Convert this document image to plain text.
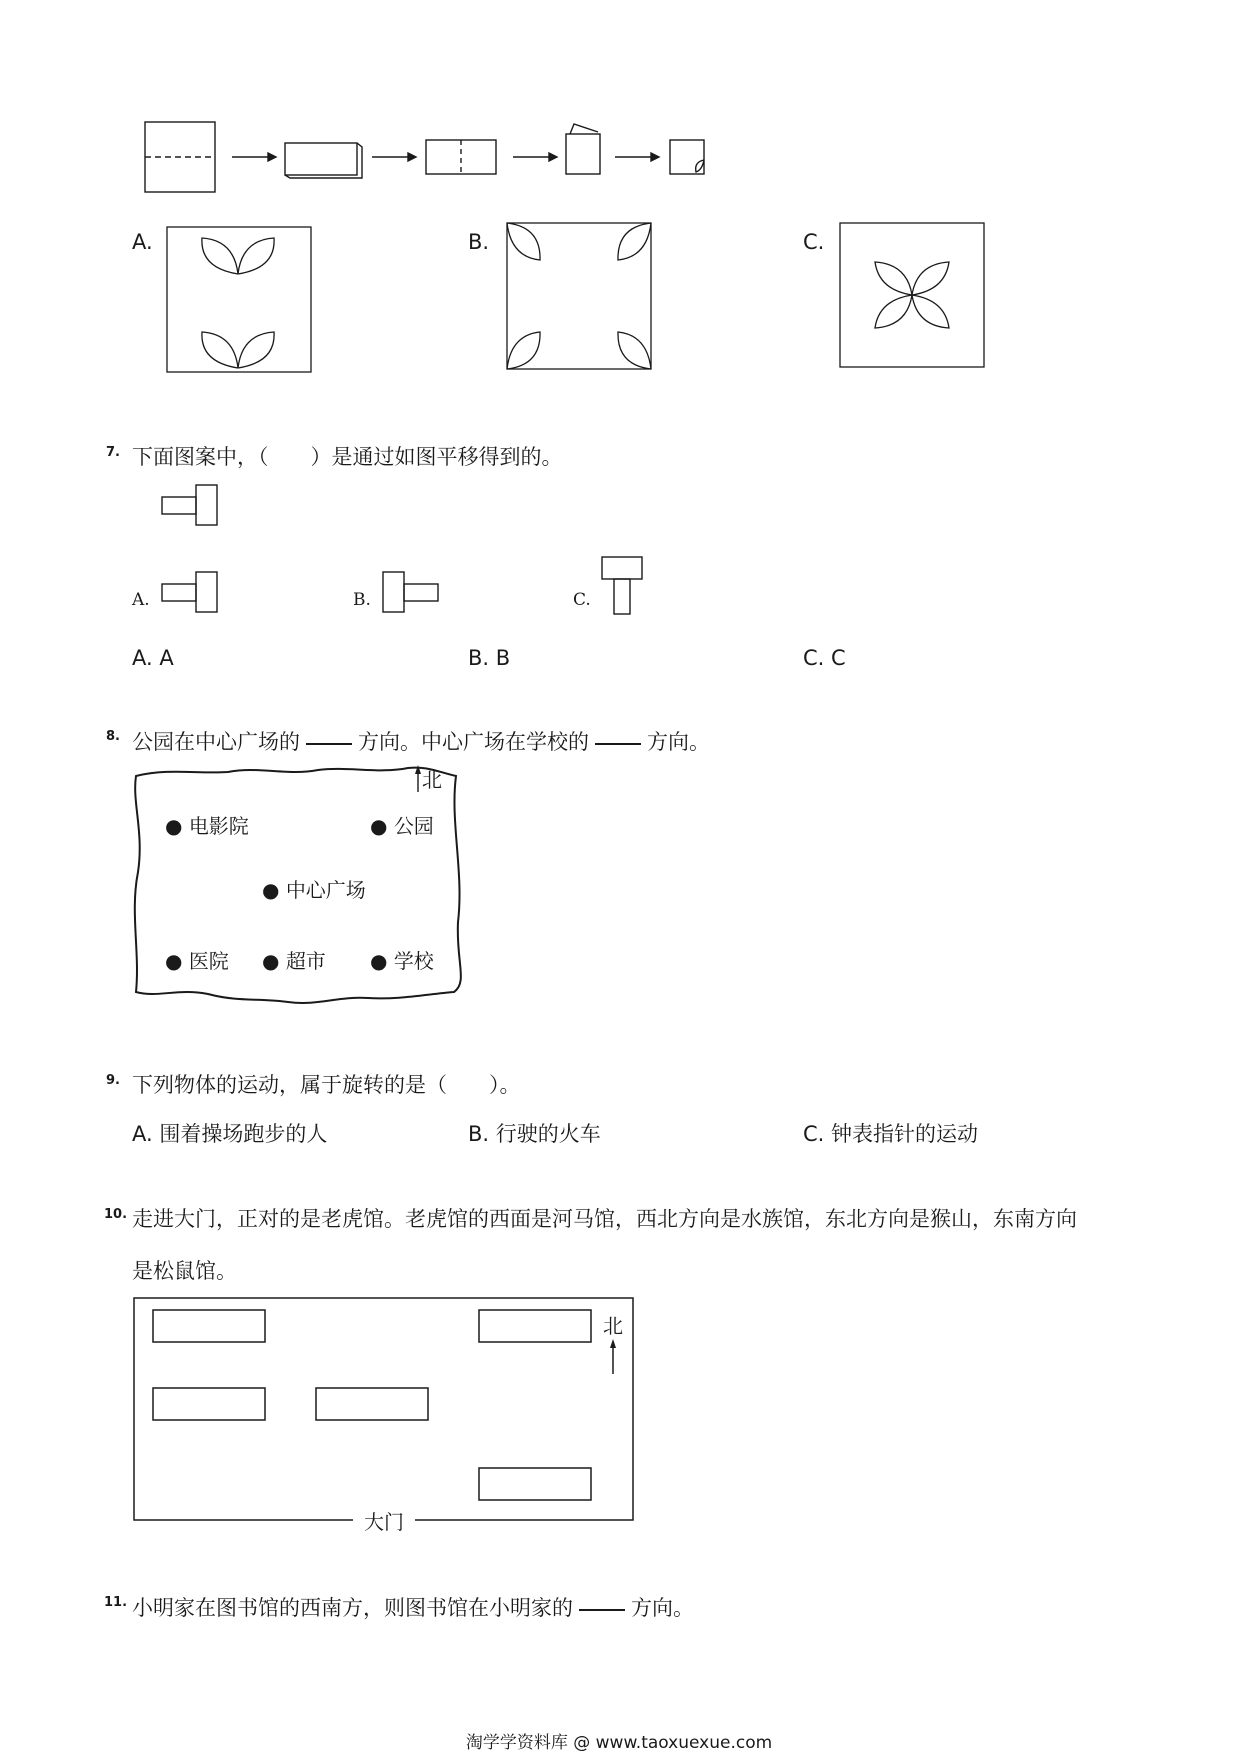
A.	B.	C.
7. 下面图案中，（　　）是通过如图平移得到的。
A.	B.	C.
A. A	B. B	C. C
8. 公园在中心广场的	方向。中心广场在学校的	方向。
北
● 电影院	● 公园
● 中心广场
● 医院 ● 超市 ● 学校
9. 下列物体的运动，属于旋转的是（　　）。
A. 围着操场跑步的人	B. 行驶的火车	C. 钟表指针的运动
10. 走进大门，正对的是老虎馆。老虎馆的西面是河马馆，西北方向是水族馆，东北方向是猴山，东南方向
是松鼠馆。
北
大门
11. 小明家在图书馆的西南方，则图书馆在小明家的	方向。
淘学学资料库 @ www.taoxuexue.com
